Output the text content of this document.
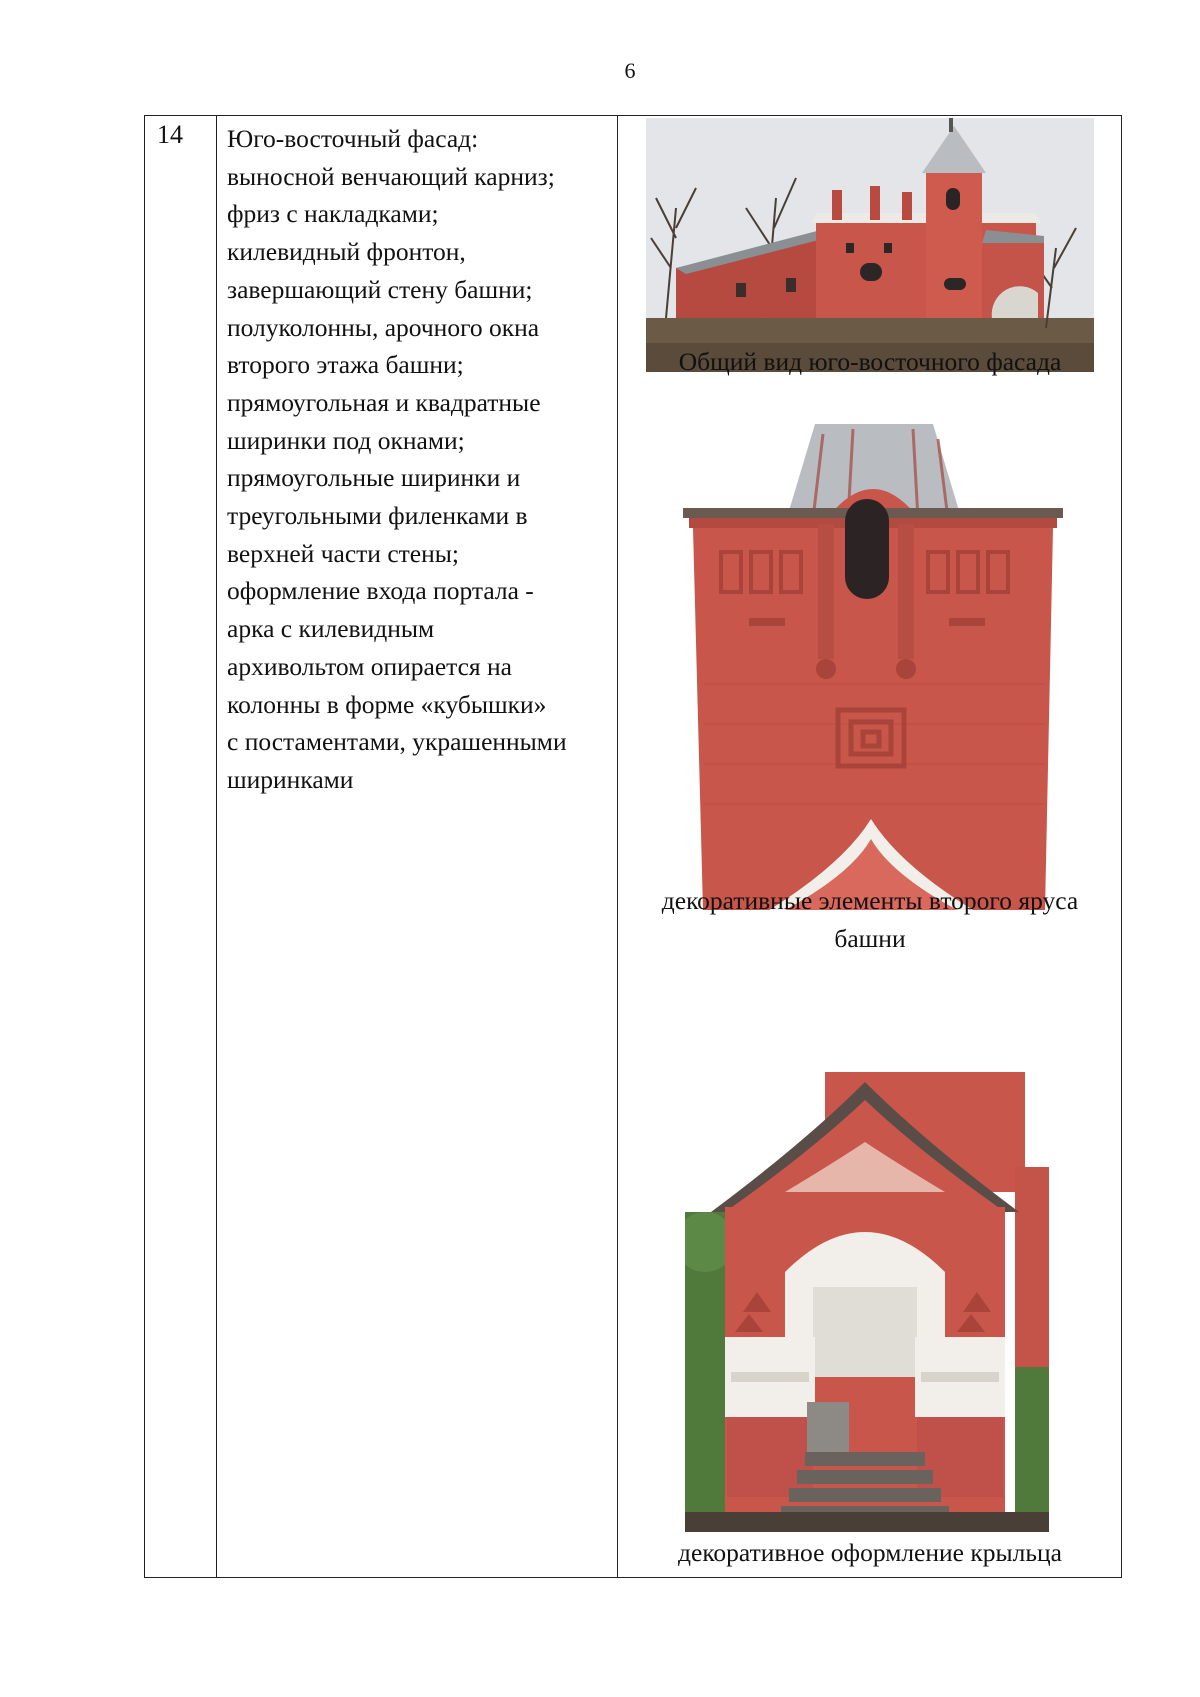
6
14 Юго-восточный фасад:
выносной венчающий карниз;
фриз с накладками;
килевидный фронтон,
завершающий стену башни;
полуколонны, арочного окна
второго этажа башни;
прямоугольная и квадратные
ширинки под окнами;
прямоугольные ширинки и
треугольными филенками в
верхней части стены;
оформление входа портала -
арка с килевидным
архивольтом опирается на
колонны в форме «кубышки»
с постаментами, украшенными
ширинками
Общий вид юго-восточного фасада
декоративные элементы второго яруса
башни
декоративное оформление крыльца
